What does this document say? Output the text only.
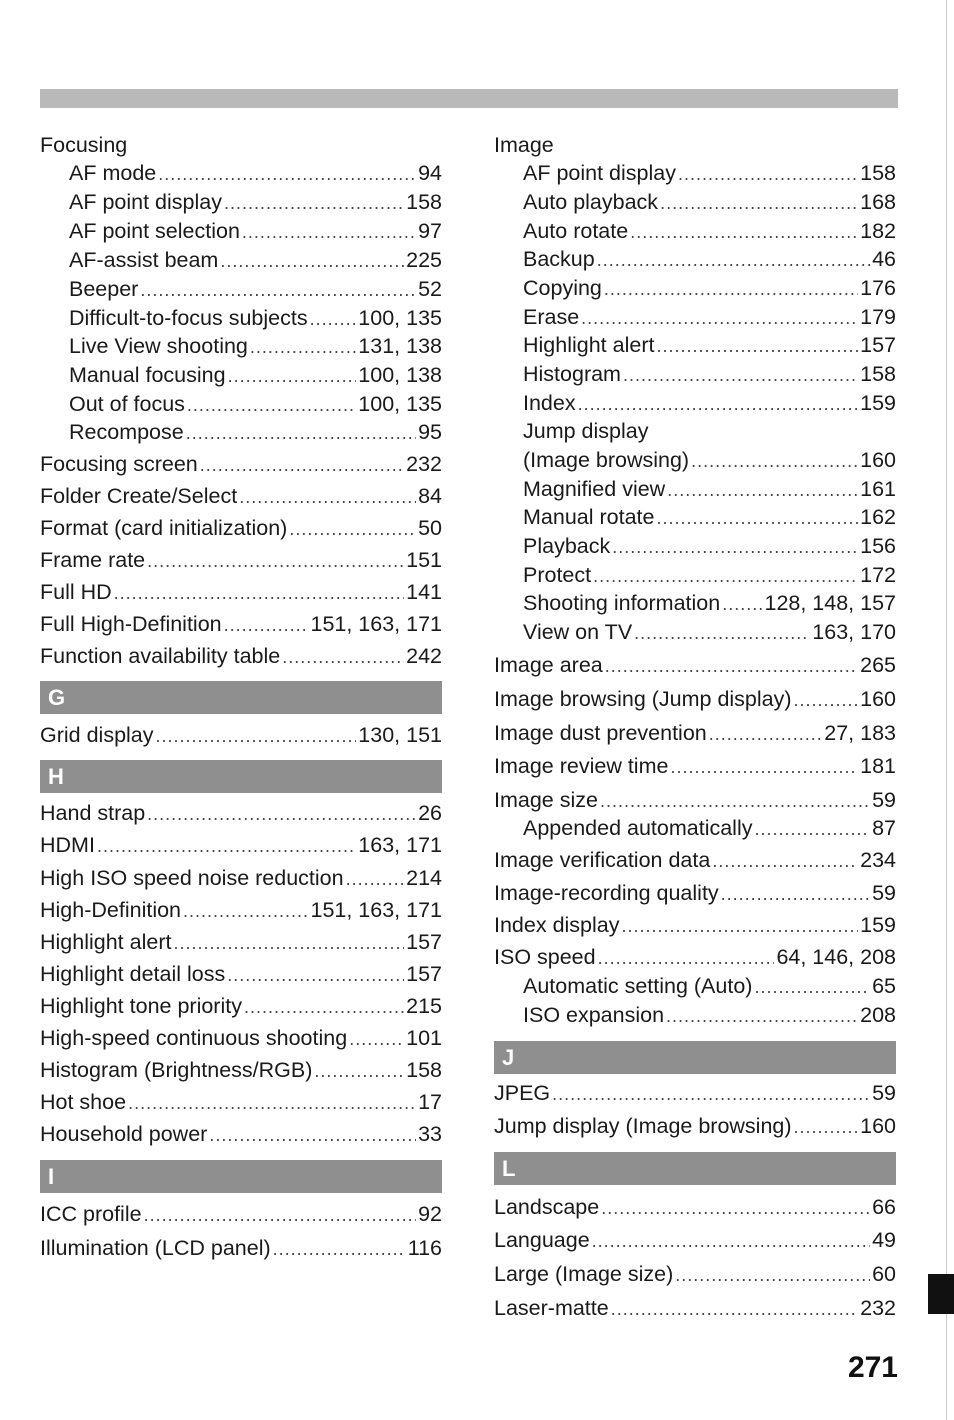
Focusing
AF mode .....	94
AF point display .....	158
AF point selection .....	97
AF-assist beam .....	225
Beeper .....	52
Difficult-to-focus subjects ..... 100, 135
Live View shooting .....	131, 138
Manual focusing .....	100, 138
Out of focus .....	100, 135
Recompose .....	95
Focusing screen .....	232
Folder Create/Select .....	84
Format (card initialization) .....	50
Frame rate .....	151
Full HD .....	141
Full High-Definition .....	151, 163, 171
Function availability table .....	242
G
Grid display .....	130, 151
H
Hand strap .....	26
HDMI .....	163, 171
High ISO speed noise reduction .....	214
High-Definition .....	151, 163, 171
Highlight alert .....	157
Highlight detail loss .....	157
Highlight tone priority .....	215
High-speed continuous shooting .....	101
Histogram (Brightness/RGB) .....	158
Hot shoe .....	17
Household power .....	33
I
ICC profile .....	92
Illumination (LCD panel) .....	116
Image
AF point display .....	158
Auto playback .....	168
Auto rotate .....	182
Backup .....	46
Copying .....	176
Erase .....	179
Highlight alert .....	157
Histogram .....	158
Index .....	159
Jump display
(Image browsing) .....	160
Magnified view .....	161
Manual rotate .....	162
Playback .....	156
Protect .....	172
Shooting information ..... 128, 148, 157
View on TV .....	163, 170
Image area .....	265
Image browsing (Jump display) .....	160
Image dust prevention .....	27, 183
Image review time .....	181
Image size .....	59
Appended automatically .....	87
Image verification data .....	234
Image-recording quality .....	59
Index display .....	159
ISO speed .....	64, 146, 208
Automatic setting (Auto) .....	65
ISO expansion .....	208
J
JPEG .....	59
Jump display (Image browsing) .....	160
L
Landscape .....	66
Language .....	49
Large (Image size) .....	60
Laser-matte .....	232
271
